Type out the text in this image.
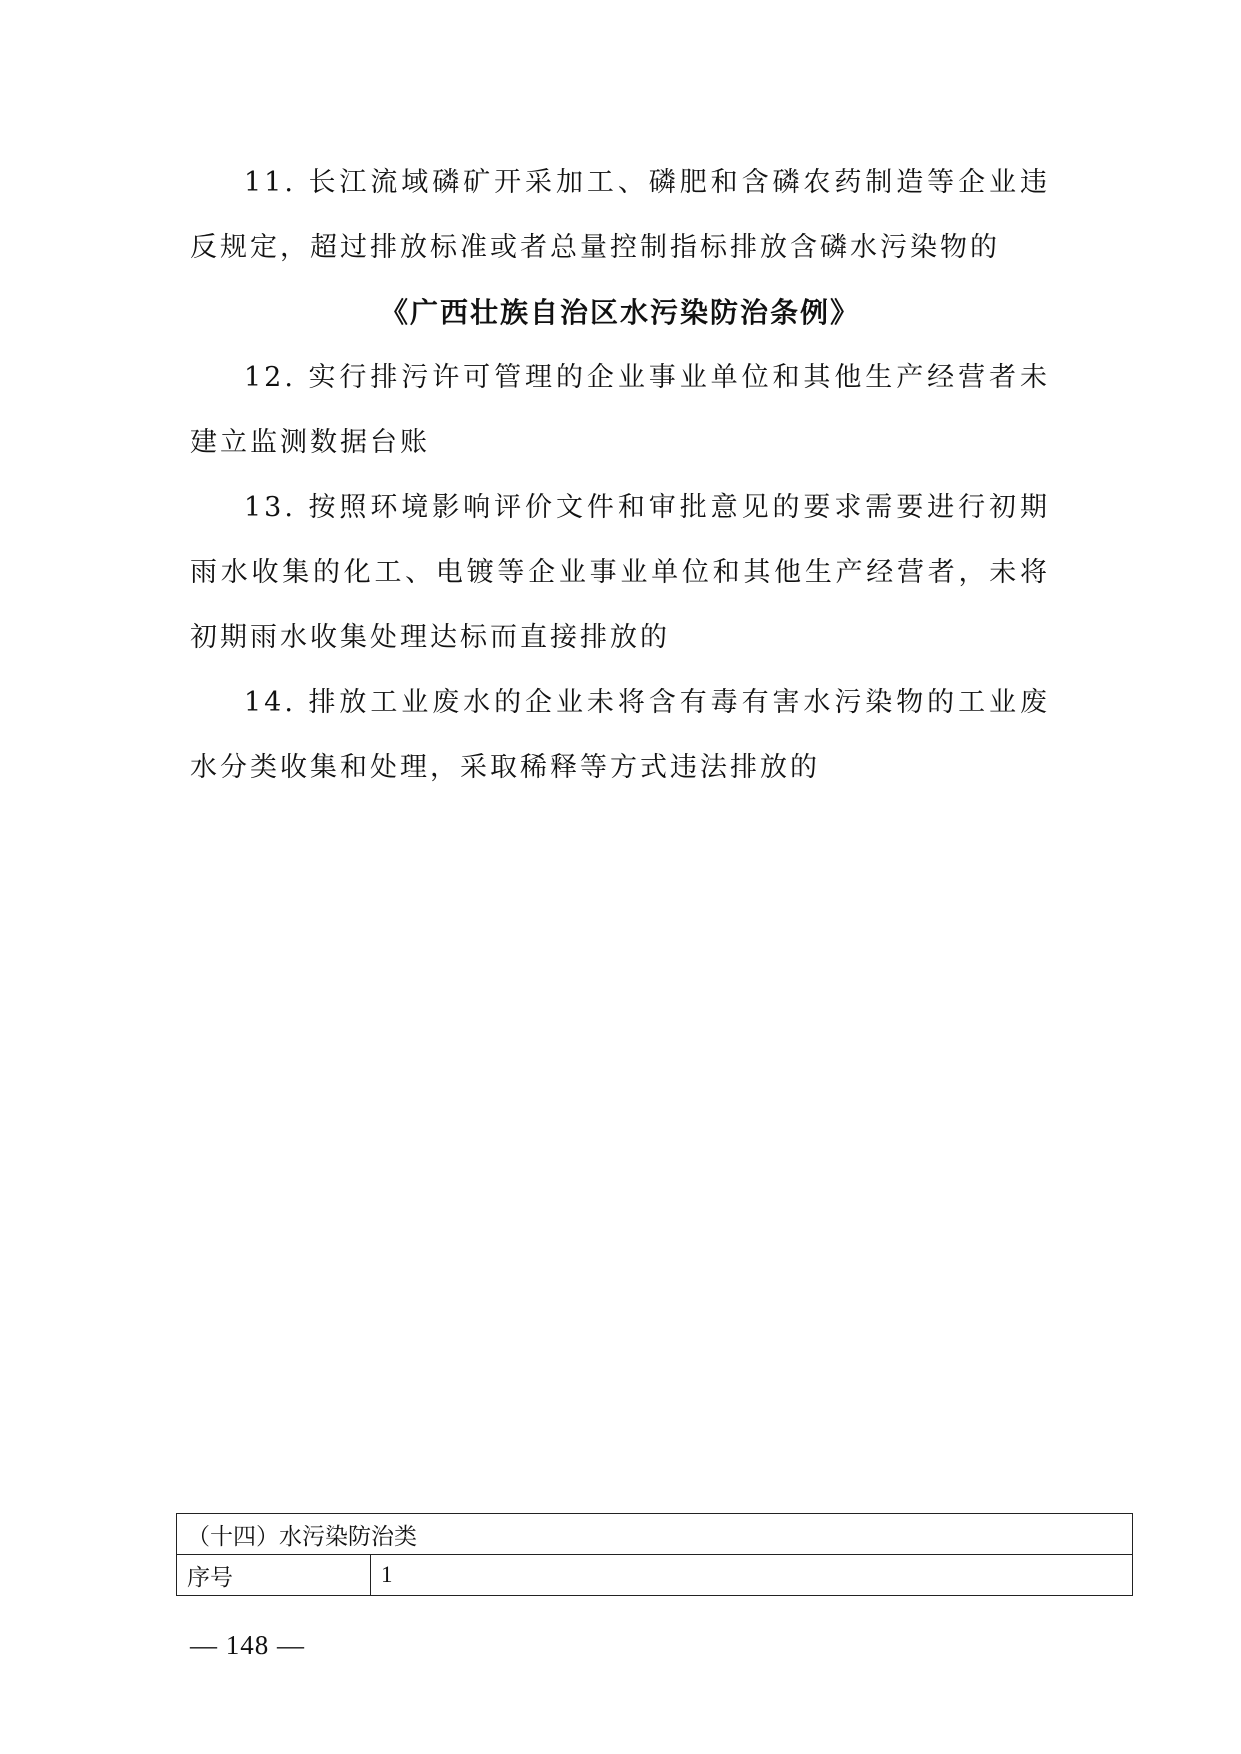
11. 长江流域磷矿开采加工、磷肥和含磷农药制造等企业违反规定，超过排放标准或者总量控制指标排放含磷水污染物的

《广西壮族自治区水污染防治条例》

12. 实行排污许可管理的企业事业单位和其他生产经营者未建立监测数据台账

13. 按照环境影响评价文件和审批意见的要求需要进行初期雨水收集的化工、电镀等企业事业单位和其他生产经营者，未将初期雨水收集处理达标而直接排放的

14. 排放工业废水的企业未将含有毒有害水污染物的工业废水分类收集和处理，采取稀释等方式违法排放的

（十四）水污染防治类
序号	1
— 148 —
